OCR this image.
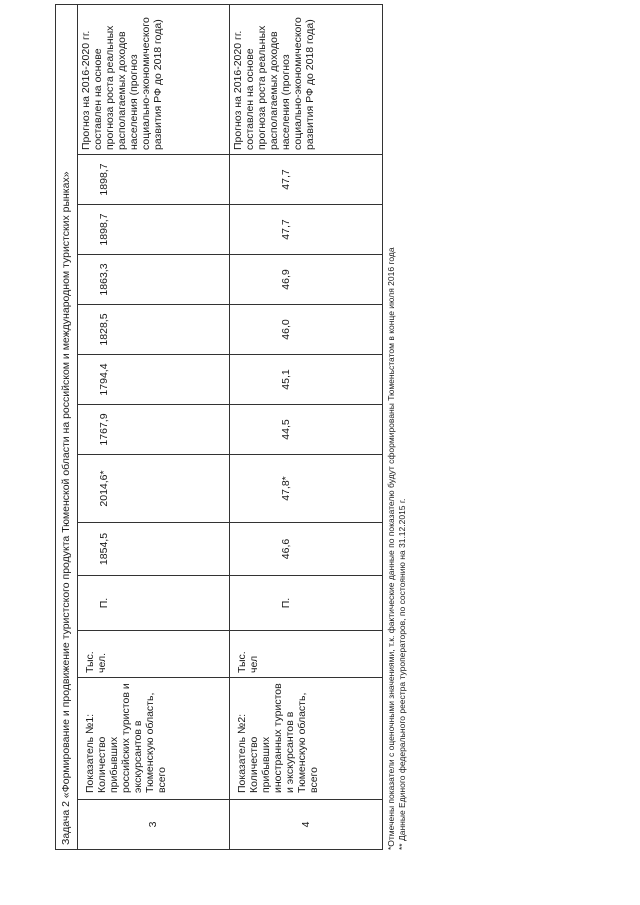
Задача 2 «Формирование и продвижение туристского продукта Тюменской области на российском и международном туристских рынках»												
3	Показатель №1: Количество прибывших российских туристов и экскурсантов в Тюменскую область, всего	Тыс. чел.	П.	1854,5	2014,6*	1767,9	1794,4	1828,5	1863,3	1898,7	1898,7	Прогноз на 2016-2020 гг. составлен на основе прогноза роста реальных располагаемых доходов населения (прогноз социально-экономического развития РФ до 2018 года)
4	Показатель №2: Количество прибывших иностранных туристов и экскурсантов в Тюменскую область, всего	Тыс. чел	П.	46,6	47,8*	44,5	45,1	46,0	46,9	47,7	47,7	Прогноз на 2016-2020 гг. составлен на основе прогноза роста реальных располагаемых доходов населения (прогноз социально-экономического развития РФ до 2018 года)
*Отмечены показатели с оценочными значениями, т.к. фактические данные по показателю будут сформированы Тюменьстатом в конце июля 2016 года ** Данные Единого федерального реестра туроператоров, по состоянию на 31.12.2015 г.
